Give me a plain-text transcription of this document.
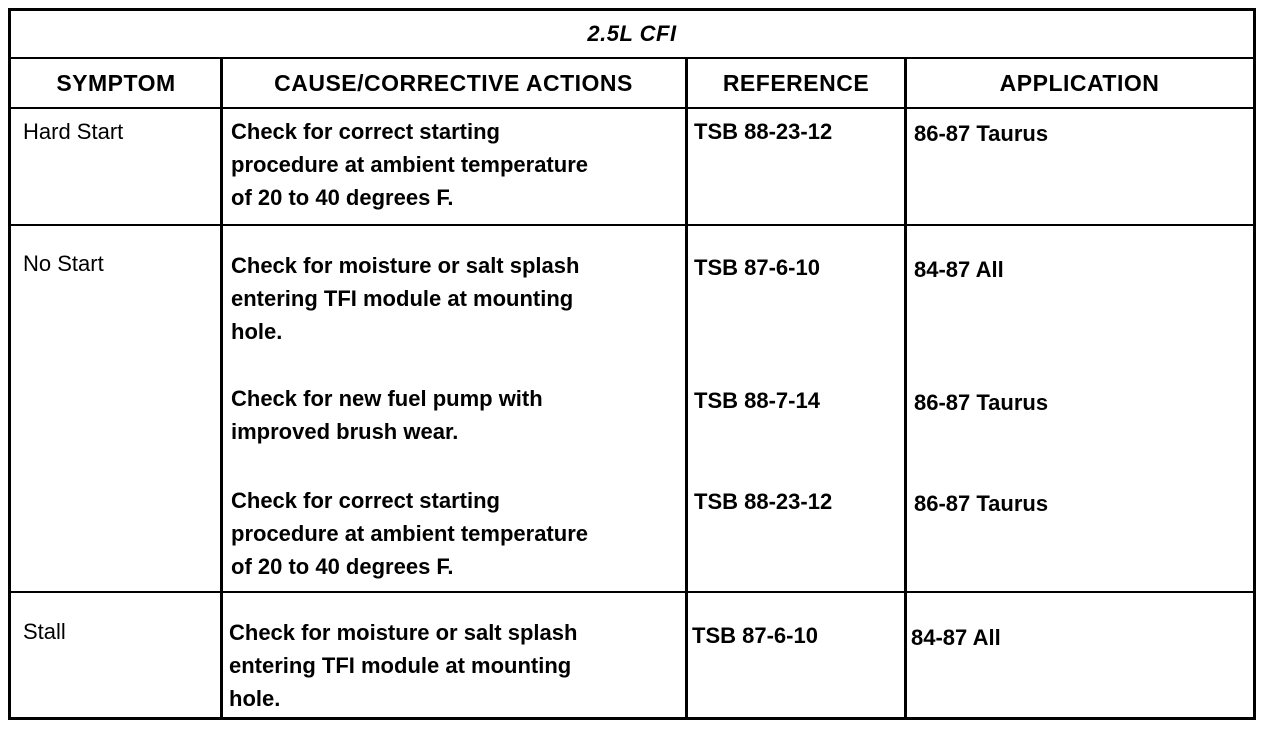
2.5L CFI
SYMPTOM	CAUSE/CORRECTIVE ACTIONS	REFERENCE	APPLICATION
Hard Start	Check for correct starting
procedure at ambient temperature
of 20 to 40 degrees F.
TSB 88-23-12	86-87 Taurus
No Start	Check for moisture or salt splash
entering TFI module at mounting
hole.
TSB 87-6-10	84-87 All
Check for new fuel pump with
improved brush wear.
TSB 88-7-14	86-87 Taurus
Check for correct starting
procedure at ambient temperature
of 20 to 40 degrees F.
TSB 88-23-12	86-87 Taurus
Stall	Check for moisture or salt splash
entering TFI module at mounting
hole.
TSB 87-6-10	84-87 All
